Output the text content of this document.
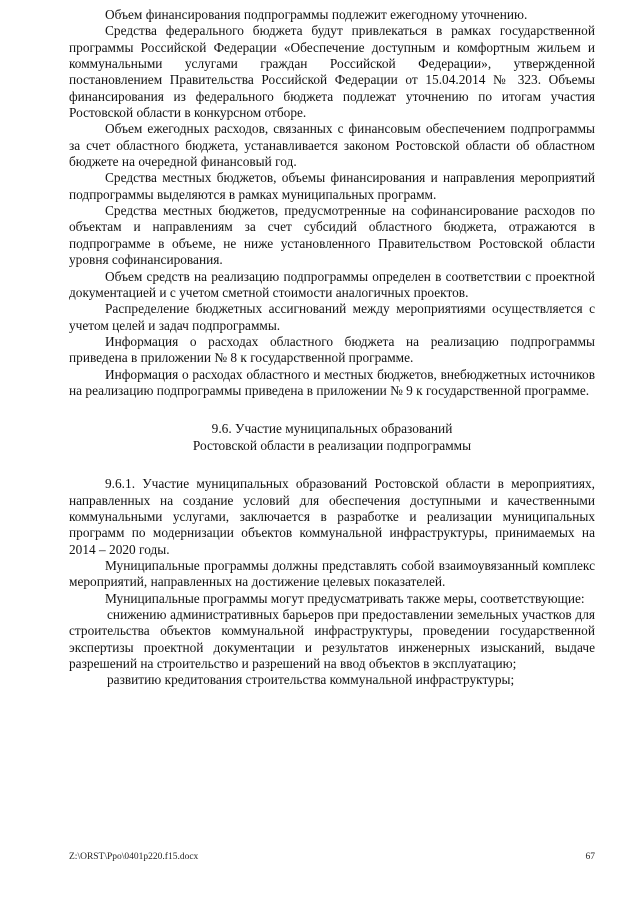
Объем финансирования подпрограммы подлежит ежегодному уточнению.

Средства федерального бюджета будут привлекаться в рамках государственной программы Российской Федерации «Обеспечение доступным и комфортным жильем и коммунальными услугами граждан Российской Федерации», утвержденной постановлением Правительства Российской Федерации от 15.04.2014 № 323. Объемы финансирования из федерального бюджета подлежат уточнению по итогам участия Ростовской области в конкурсном отборе.

Объем ежегодных расходов, связанных с финансовым обеспечением подпрограммы за счет областного бюджета, устанавливается законом Ростовской области об областном бюджете на очередной финансовый год.

Средства местных бюджетов, объемы финансирования и направления мероприятий подпрограммы выделяются в рамках муниципальных программ.

Средства местных бюджетов, предусмотренные на софинансирование расходов по объектам и направлениям за счет субсидий областного бюджета, отражаются в подпрограмме в объеме, не ниже установленного Правительством Ростовской области уровня софинансирования.

Объем средств на реализацию подпрограммы определен в соответствии с проектной документацией и с учетом сметной стоимости аналогичных проектов.

Распределение бюджетных ассигнований между мероприятиями осуществляется с учетом целей и задач подпрограммы.

Информация о расходах областного бюджета на реализацию подпрограммы приведена в приложении № 8 к государственной программе.

Информация о расходах областного и местных бюджетов, внебюджетных источников на реализацию подпрограммы приведена в приложении № 9 к государственной программе.

9.6. Участие муниципальных образований
Ростовской области в реализации подпрограммы

9.6.1. Участие муниципальных образований Ростовской области в мероприятиях, направленных на создание условий для обеспечения доступными и качественными коммунальными услугами, заключается в разработке и реализации муниципальных программ по модернизации объектов коммунальной инфраструктуры, принимаемых на 2014 – 2020 годы.

Муниципальные программы должны представлять собой взаимоувязанный комплекс мероприятий, направленных на достижение целевых показателей.

Муниципальные программы могут предусматривать также меры, соответствующие:

снижению административных барьеров при предоставлении земельных участков для строительства объектов коммунальной инфраструктуры, проведении государственной экспертизы проектной документации и результатов инженерных изысканий, выдаче разрешений на строительство и разрешений на ввод объектов в эксплуатацию;

развитию кредитования строительства коммунальной инфраструктуры;

Z:\ORST\Ppo\0401p220.f15.docx	67
